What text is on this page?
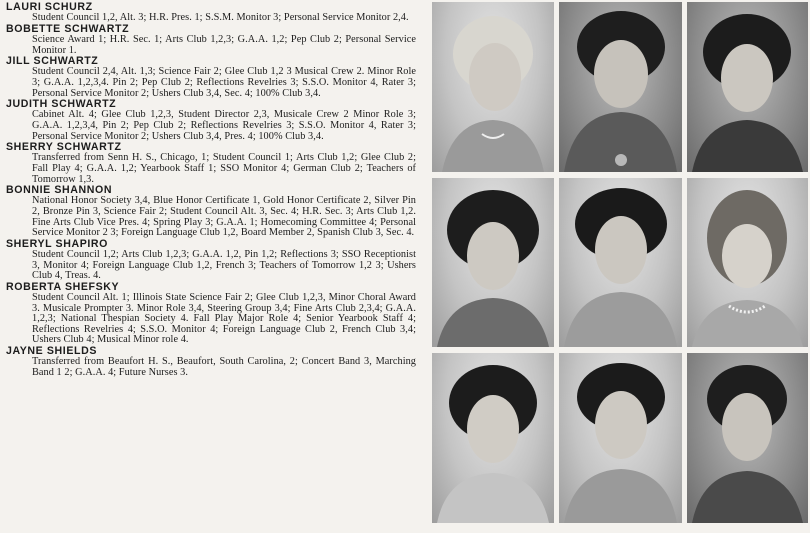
LAURI SCHURZ
Student Council 1,2, Alt. 3; H.R. Pres. 1; S.S.M. Monitor 3; Personal Service Monitor 2,4.
BOBETTE SCHWARTZ
Science Award 1; H.R. Sec. 1; Arts Club 1,2,3; G.A.A. 1,2; Pep Club 2; Personal Service Monitor 1.
JILL SCHWARTZ
Student Council 2,4, Alt. 1,3; Science Fair 2; Glee Club 1,2 3 Musical Crew 2. Minor Role 3; G.A.A. 1,2,3,4. Pin 2; Pep Club 2; Reflections Revelries 3; S.S.O. Monitor 4, Rater 3; Personal Service Monitor 2; Ushers Club 3,4, Sec. 4; 100% Club 3,4.
JUDITH SCHWARTZ
Cabinet Alt. 4; Glee Club 1,2,3, Student Director 2,3, Musicale Crew 2 Minor Role 3; G.A.A. 1,2,3,4, Pin 2; Pep Club 2; Reflections Revelries 3; S.S.O. Monitor 4, Rater 3; Personal Service Monitor 2; Ushers Club 3,4, Pres. 4; 100% Club 3,4.
SHERRY SCHWARTZ
Transferred from Senn H. S., Chicago, 1; Student Council 1; Arts Club 1,2; Glee Club 2; Fall Play 4; G.A.A. 1,2; Yearbook Staff 1; SSO Monitor 4; German Club 2; Teachers of Tomorrow 1,3.
BONNIE SHANNON
National Honor Society 3,4, Blue Honor Certificate 1, Gold Honor Certificate 2, Silver Pin 2, Bronze Pin 3, Science Fair 2; Student Council Alt. 3, Sec. 4; H.R. Sec. 3; Arts Club 1,2. Fine Arts Club Vice Pres. 4; Spring Play 3; G.A.A. 1; Homecoming Committee 4; Personal Service Monitor 2 3; Foreign Language Club 1,2, Board Member 2, Spanish Club 3, Sec. 4.
SHERYL SHAPIRO
Student Council 1,2; Arts Club 1,2,3; G.A.A. 1,2, Pin 1,2; Reflections 3; SSO Receptionist 3, Monitor 4; Foreign Language Club 1,2, French 3; Teachers of Tomorrow 1,2 3; Ushers Club 4, Treas. 4.
ROBERTA SHEFSKY
Student Council Alt. 1; Illinois State Science Fair 2; Glee Club 1,2,3, Minor Choral Award 3. Musicale Prompter 3. Minor Role 3,4, Steering Group 3,4; Fine Arts Club 2,3,4; G.A.A. 1,2,3; National Thespian Society 4. Fall Play Major Role 4; Senior Yearbook Staff 4; Reflections Revelries 4; S.S.O. Monitor 4; Foreign Language Club 2, French Club 3,4; Ushers Club 4; Musical Minor role 4.
JAYNE SHIELDS
Transferred from Beaufort H. S., Beaufort, South Carolina, 2; Concert Band 3, Marching Band 1 2; G.A.A. 4; Future Nurses 3.
